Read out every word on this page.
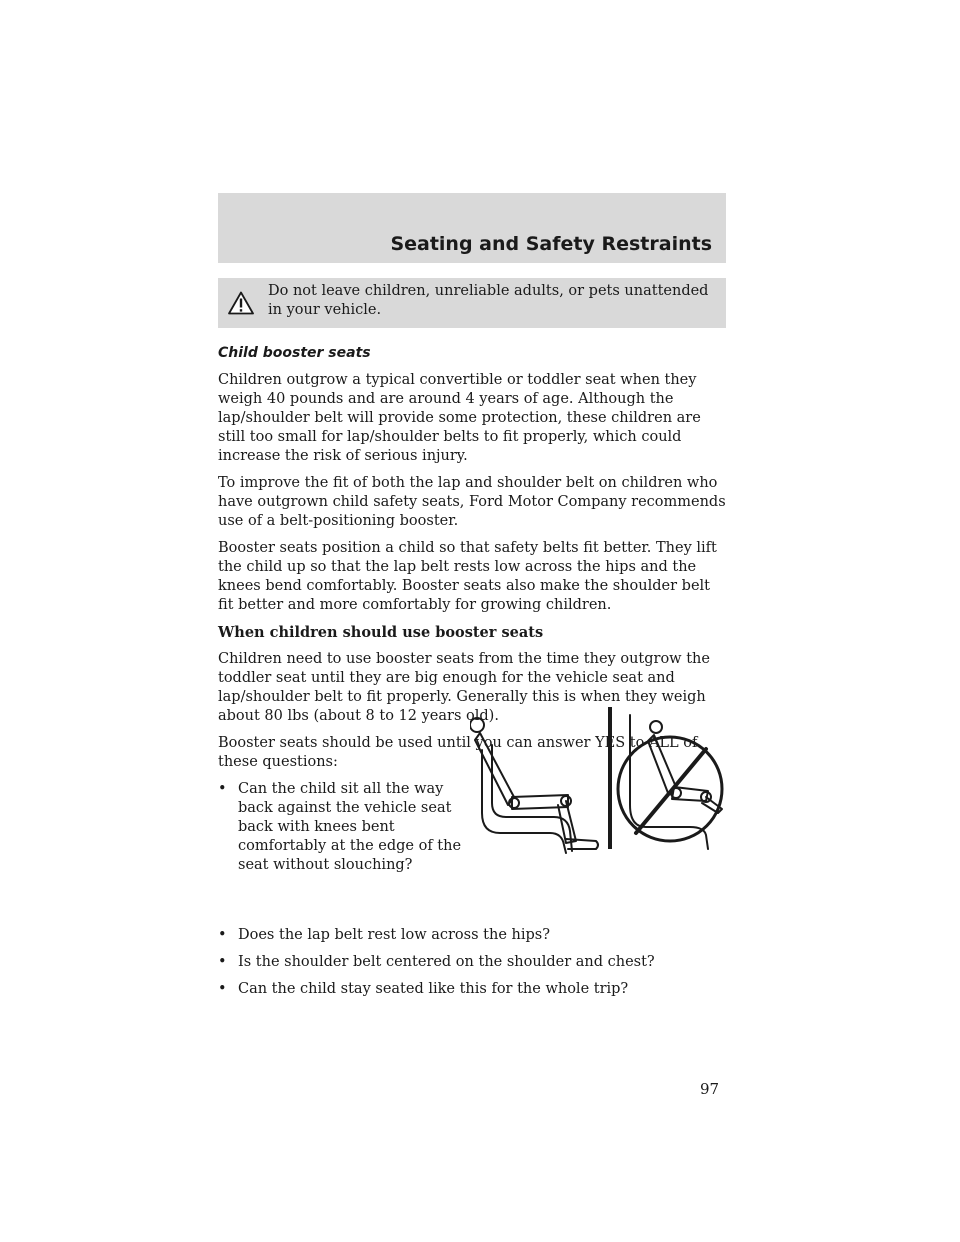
Seating and Safety Restraints
Do not leave children, unreliable adults, or pets unattended in your vehicle.

Child booster seats

Children outgrow a typical convertible or toddler seat when they weigh 40 pounds and are around 4 years of age. Although the lap/shoulder belt will provide some protection, these children are still too small for lap/shoulder belts to fit properly, which could increase the risk of serious injury.

To improve the fit of both the lap and shoulder belt on children who have outgrown child safety seats, Ford Motor Company recommends use of a belt-positioning booster.

Booster seats position a child so that safety belts fit better. They lift the child up so that the lap belt rests low across the hips and the knees bend comfortably. Booster seats also make the shoulder belt fit better and more comfortably for growing children.

When children should use booster seats

Children need to use booster seats from the time they outgrow the toddler seat until they are big enough for the vehicle seat and lap/shoulder belt to fit properly. Generally this is when they weigh about 80 lbs (about 8 to 12 years old).

Booster seats should be used until you can answer YES to ALL of these questions:

• Can the child sit all the way back against the vehicle seat back with knees bent comfortably at the edge of the seat without slouching?
• Does the lap belt rest low across the hips?
• Is the shoulder belt centered on the shoulder and chest?
• Can the child stay seated like this for the whole trip?
97
